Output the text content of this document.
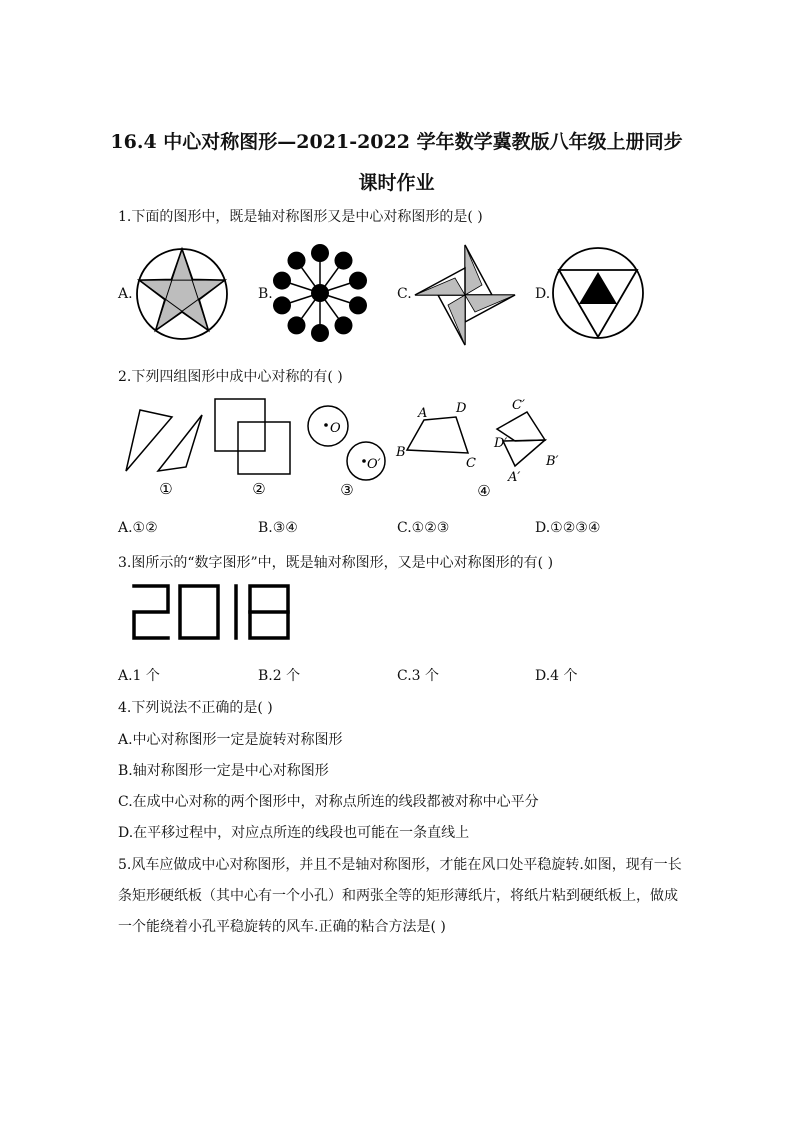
16.4 中心对称图形—2021-2022 学年数学冀教版八年级上册同步
课时作业
1.下面的图形中，既是轴对称图形又是中心对称图形的是( )
A.	B.	C.	D.
2.下列四组图形中成中心对称的有( )
O
O′
A D
B
C
C′
D′
B′
A′
①	②	③	④
A.①②	B.③④	C.①②③	D.①②③④
3.图所示的“数字图形”中，既是轴对称图形，又是中心对称图形的有( )
A.1 个	B.2 个	C.3 个	D.4 个
4.下列说法不正确的是( )
A.中心对称图形一定是旋转对称图形
B.轴对称图形一定是中心对称图形
C.在成中心对称的两个图形中，对称点所连的线段都被对称中心平分
D.在平移过程中，对应点所连的线段也可能在一条直线上
5.风车应做成中心对称图形，并且不是轴对称图形，才能在风口处平稳旋转.如图，现有一长
条矩形硬纸板（其中心有一个小孔）和两张全等的矩形薄纸片，将纸片粘到硬纸板上，做成
一个能绕着小孔平稳旋转的风车.正确的粘合方法是( )
